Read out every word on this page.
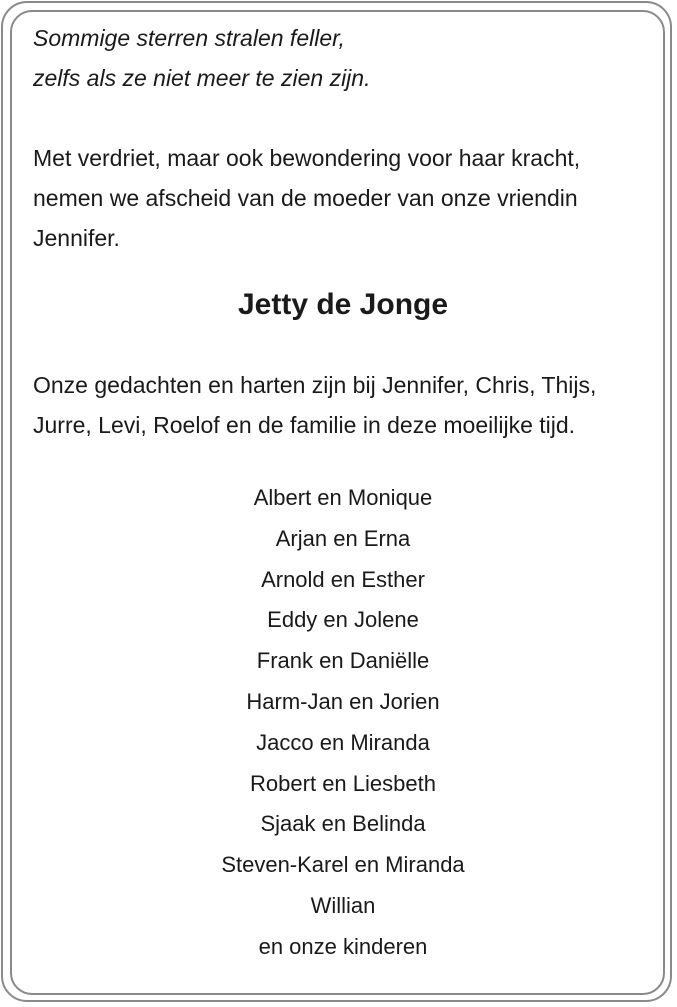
Sommige sterren stralen feller,
zelfs als ze niet meer te zien zijn.

Met verdriet, maar ook bewondering voor haar kracht, nemen we afscheid van de moeder van onze vriendin Jennifer.

Jetty de Jonge

Onze gedachten en harten zijn bij Jennifer, Chris, Thijs, Jurre, Levi, Roelof en de familie in deze moeilijke tijd.

Albert en Monique
Arjan en Erna
Arnold en Esther
Eddy en Jolene
Frank en Daniëlle
Harm-Jan en Jorien
Jacco en Miranda
Robert en Liesbeth
Sjaak en Belinda
Steven-Karel en Miranda
Willian
en onze kinderen
